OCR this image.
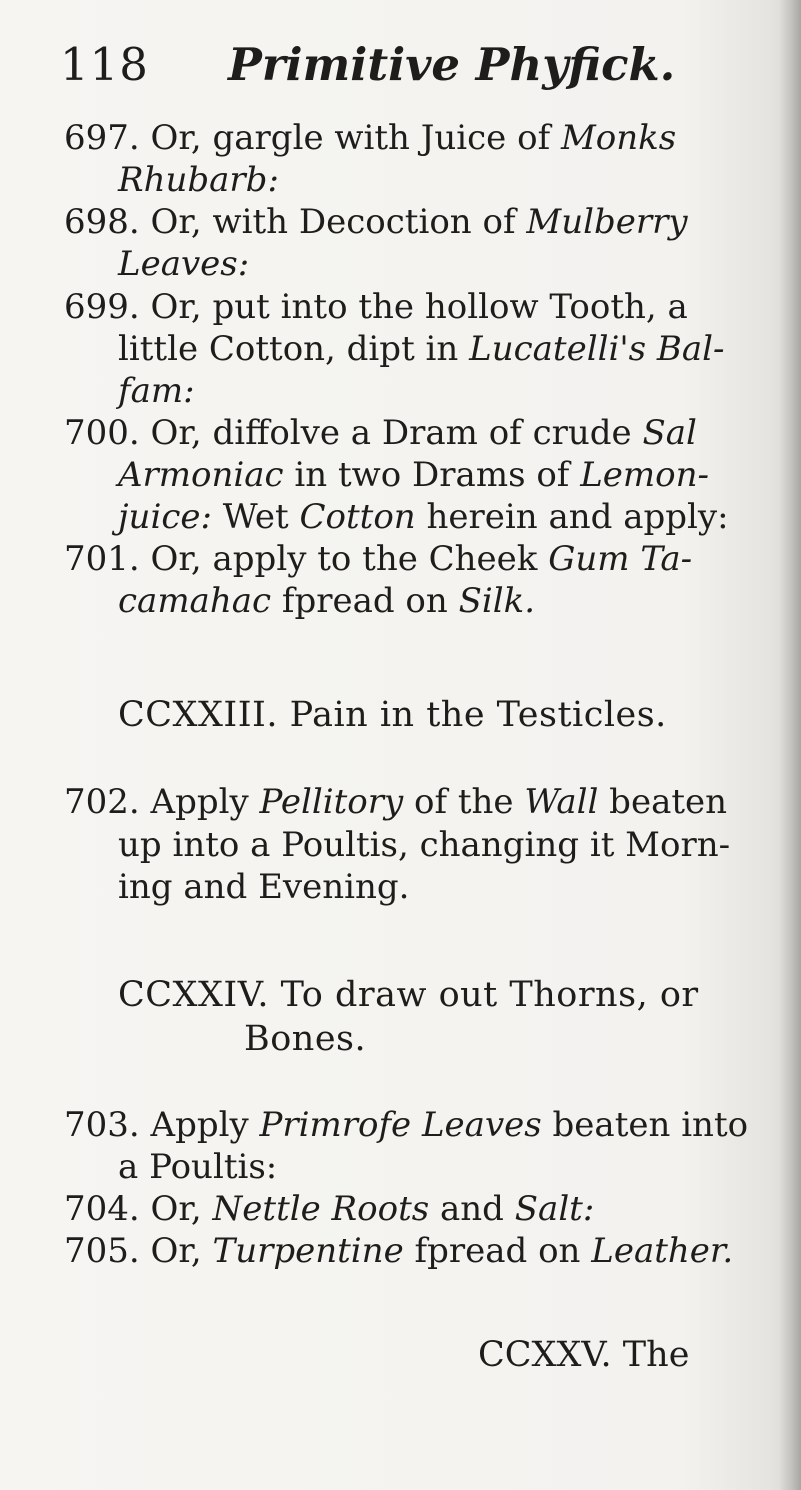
118 Primitive Phyfick.
697. Or, gargle with Juice of Monks
Rhubarb:
698. Or, with Decoction of Mulberry
Leaves:
699. Or, put into the hollow Tooth, a
little Cotton, dipt in Lucatelli's Bal-
fam:
700. Or, diffolve a Dram of crude Sal
Armoniac in two Drams of Lemon-
juice: Wet Cotton herein and apply:
701. Or, apply to the Cheek Gum Ta-
camahac fpread on Silk.
CCXXIII. Pain in the Testicles.
702. Apply Pellitory of the Wall beaten
up into a Poultis, changing it Morn-
ing and Evening.
CCXXIV. To draw out Thorns, or
Bones.
703. Apply Primrofe Leaves beaten into
a Poultis:
704. Or, Nettle Roots and Salt:
705. Or, Turpentine fpread on Leather.
CCXXV. The
